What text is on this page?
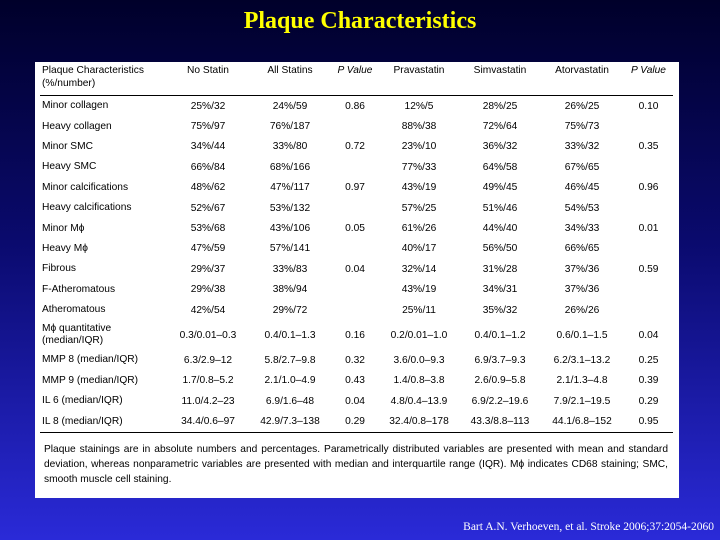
Plaque Characteristics
Plaque Characteristics
(%/number)	No Statin	All Statins	P Value	Pravastatin	Simvastatin	Atorvastatin	P Value
Minor collagen	25%/32	24%/59	0.86	12%/5	28%/25	26%/25	0.10
Heavy collagen	75%/97	76%/187		88%/38	72%/64	75%/73	
Minor SMC	34%/44	33%/80	0.72	23%/10	36%/32	33%/32	0.35
Heavy SMC	66%/84	68%/166		77%/33	64%/58	67%/65	
Minor calcifications	48%/62	47%/117	0.97	43%/19	49%/45	46%/45	0.96
Heavy calcifications	52%/67	53%/132		57%/25	51%/46	54%/53	
Minor Mϕ	53%/68	43%/106	0.05	61%/26	44%/40	34%/33	0.01
Heavy Mϕ	47%/59	57%/141		40%/17	56%/50	66%/65	
Fibrous	29%/37	33%/83	0.04	32%/14	31%/28	37%/36	0.59
F-Atheromatous	29%/38	38%/94		43%/19	34%/31	37%/36	
Atheromatous	42%/54	29%/72		25%/11	35%/32	26%/26	
Mϕ quantitative
(median/IQR)	0.3/0.01–0.3	0.4/0.1–1.3	0.16	0.2/0.01–1.0	0.4/0.1–1.2	0.6/0.1–1.5	0.04
MMP 8 (median/IQR)	6.3/2.9–12	5.8/2.7–9.8	0.32	3.6/0.0–9.3	6.9/3.7–9.3	6.2/3.1–13.2	0.25
MMP 9 (median/IQR)	1.7/0.8–5.2	2.1/1.0–4.9	0.43	1.4/0.8–3.8	2.6/0.9–5.8	2.1/1.3–4.8	0.39
IL 6 (median/IQR)	11.0/4.2–23	6.9/1.6–48	0.04	4.8/0.4–13.9	6.9/2.2–19.6	7.9/2.1–19.5	0.29
IL 8 (median/IQR)	34.4/0.6–97	42.9/7.3–138	0.29	32.4/0.8–178	43.3/8.8–113	44.1/6.8–152	0.95
Plaque stainings are in absolute numbers and percentages. Parametrically distributed variables are presented with mean and standard deviation, whereas nonparametric variables are presented with median and interquartile range (IQR). Mϕ indicates CD68 staining; SMC, smooth muscle cell staining.
Bart A.N. Verhoeven, et al. Stroke 2006;37:2054-2060
